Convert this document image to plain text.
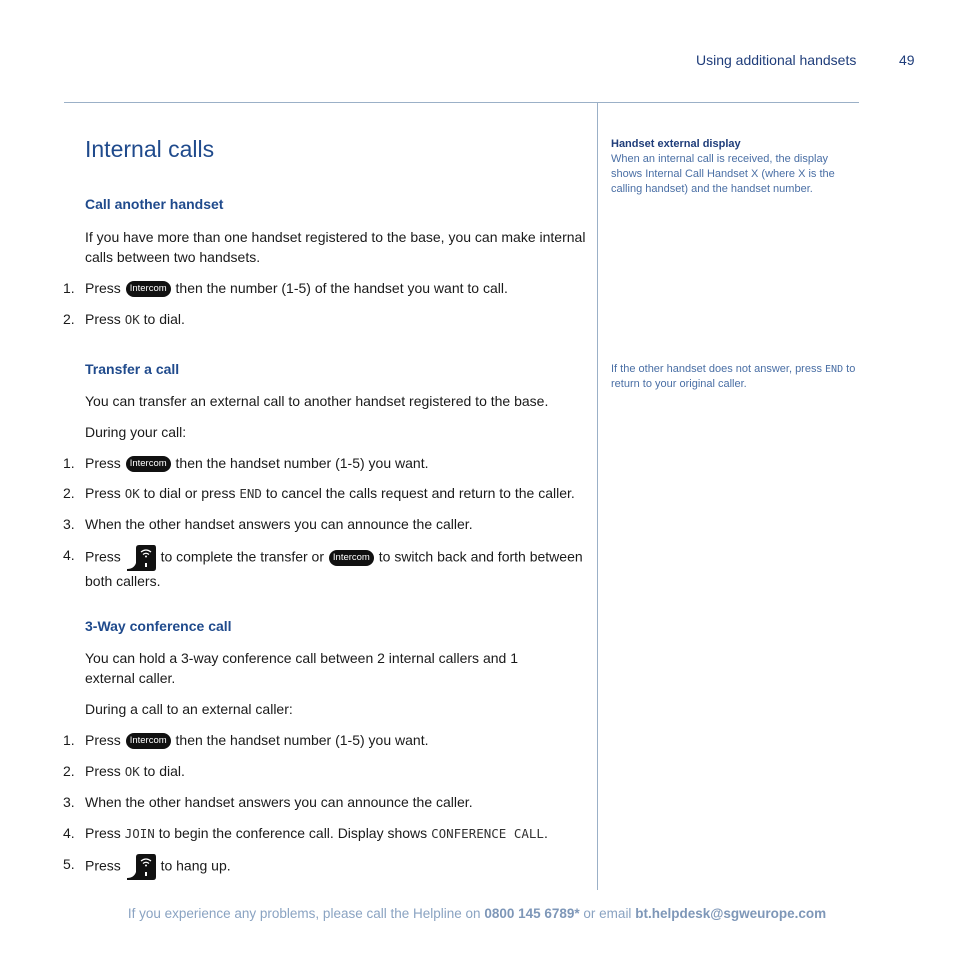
Using additional handsets	49
Internal calls
Call another handset
If you have more than one handset registered to the base, you can make internal calls between two handsets.
1. Press Intercom then the number (1-5) of the handset you want to call.
2. Press OK to dial.
Transfer a call
You can transfer an external call to another handset registered to the base.
During your call:
1. Press Intercom then the handset number (1-5) you want.
2. Press OK to dial or press END to cancel the calls request and return to the caller.
3. When the other handset answers you can announce the caller.
4. Press	to complete the transfer or Intercom to switch back and forth between both callers.
3-Way conference call
You can hold a 3-way conference call between 2 internal callers and 1 external caller.
During a call to an external caller:
1. Press Intercom then the handset number (1-5) you want.
2. Press OK to dial.
3. When the other handset answers you can announce the caller.
4. Press JOIN to begin the conference call. Display shows CONFERENCE CALL.
5. Press	to hang up.
Handset external display
When an internal call is received, the display shows Internal Call Handset X (where X is the calling handset) and the handset number.
If the other handset does not answer, press END to return to your original caller.
If you experience any problems, please call the Helpline on 0800 145 6789* or email bt.helpdesk@sgweurope.com
